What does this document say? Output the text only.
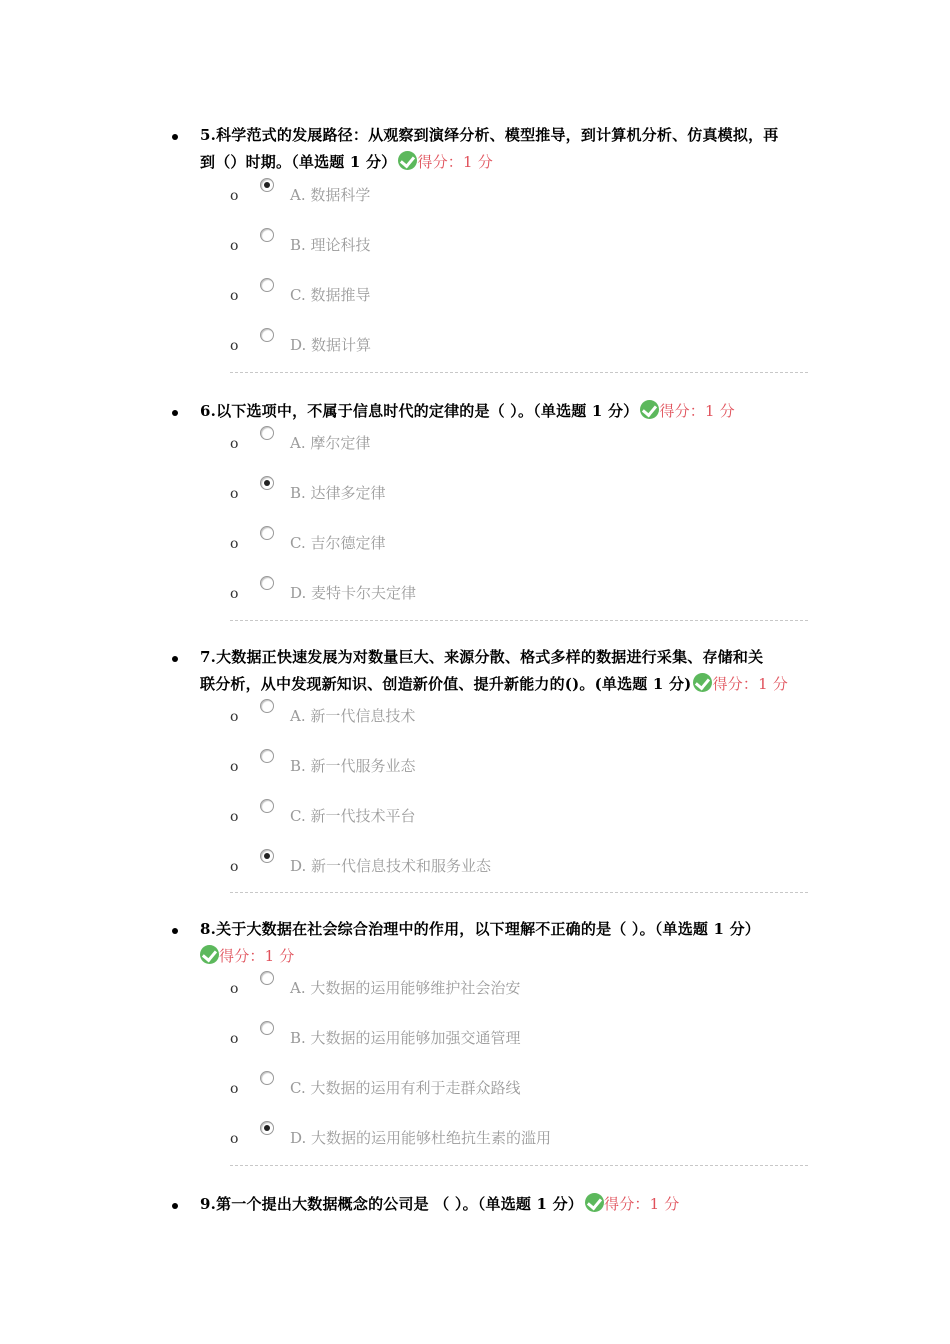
5.科学范式的发展路径：从观察到演绎分析、模型推导，到计算机分析、仿真模拟，再
到（）时期。（单选题 1 分） 得分：1 分
o	A. 数据科学
o	B. 理论科技
o	C. 数据推导
o	D. 数据计算
6.以下选项中，不属于信息时代的定律的是（ ）。（单选题 1 分） 得分：1 分
o	A. 摩尔定律
o	B. 达律多定律
o	C. 吉尔德定律
o	D. 麦特卡尔夫定律
7.大数据正快速发展为对数量巨大、来源分散、格式多样的数据进行采集、存储和关
联分析，从中发现新知识、创造新价值、提升新能力的()。(单选题 1 分) 得分：1 分
o	A. 新一代信息技术
o	B. 新一代服务业态
o	C. 新一代技术平台
o	D. 新一代信息技术和服务业态
8.关于大数据在社会综合治理中的作用，以下理解不正确的是（ ）。（单选题 1 分）
得分：1 分
o	A. 大数据的运用能够维护社会治安
o	B. 大数据的运用能够加强交通管理
o	C. 大数据的运用有利于走群众路线
o	D. 大数据的运用能够杜绝抗生素的滥用
9.第一个提出大数据概念的公司是 （ ）。（单选题 1 分） 得分：1 分
